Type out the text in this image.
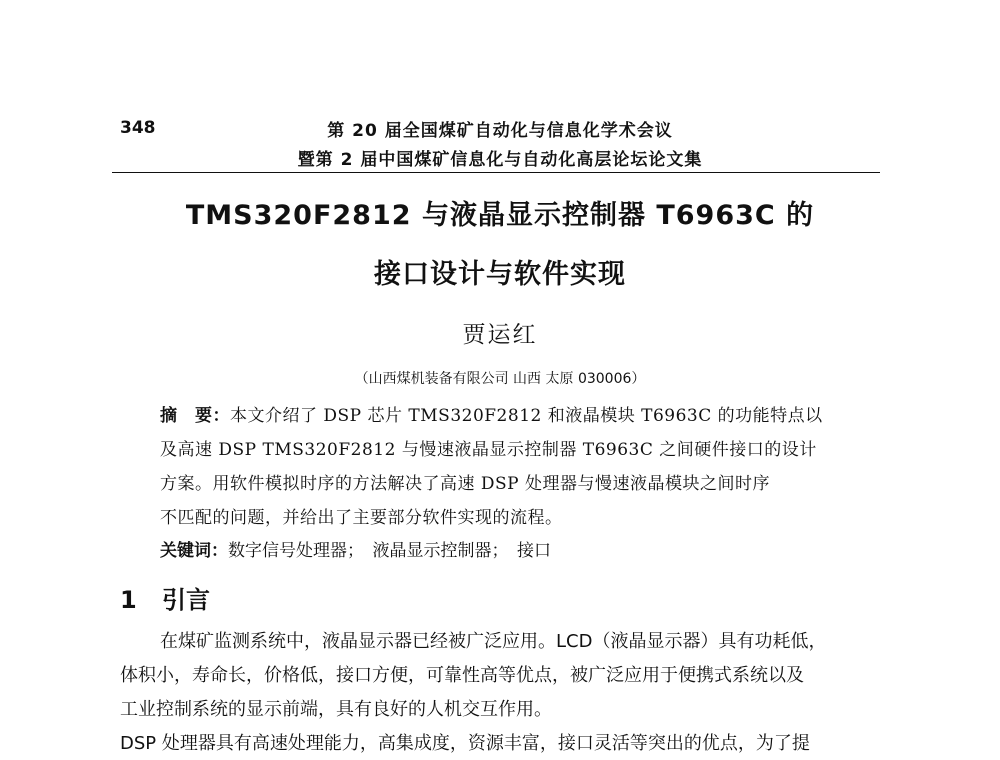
348	第 20 届全国煤矿自动化与信息化学术会议
暨第 2 届中国煤矿信息化与自动化高层论坛论文集
TMS320F2812 与液晶显示控制器 T6963C 的
接口设计与软件实现
贾运红
（山西煤机装备有限公司 山西 太原 030006）
摘　要：本文介绍了 DSP 芯片 TMS320F2812 和液晶模块 T6963C 的功能特点以
及高速 DSP TMS320F2812 与慢速液晶显示控制器 T6963C 之间硬件接口的设计
方案。用软件模拟时序的方法解决了高速 DSP 处理器与慢速液晶模块之间时序
不匹配的问题，并给出了主要部分软件实现的流程。
关键词：数字信号处理器；　液晶显示控制器；　接口
1 引言

在煤矿监测系统中，液晶显示器已经被广泛应用。LCD（液晶显示器）具有功耗低，

体积小，寿命长，价格低，接口方便，可靠性高等优点，被广泛应用于便携式系统以及

工业控制系统的显示前端，具有良好的人机交互作用。

DSP 处理器具有高速处理能力，高集成度，资源丰富，接口灵活等突出的优点，为了提
